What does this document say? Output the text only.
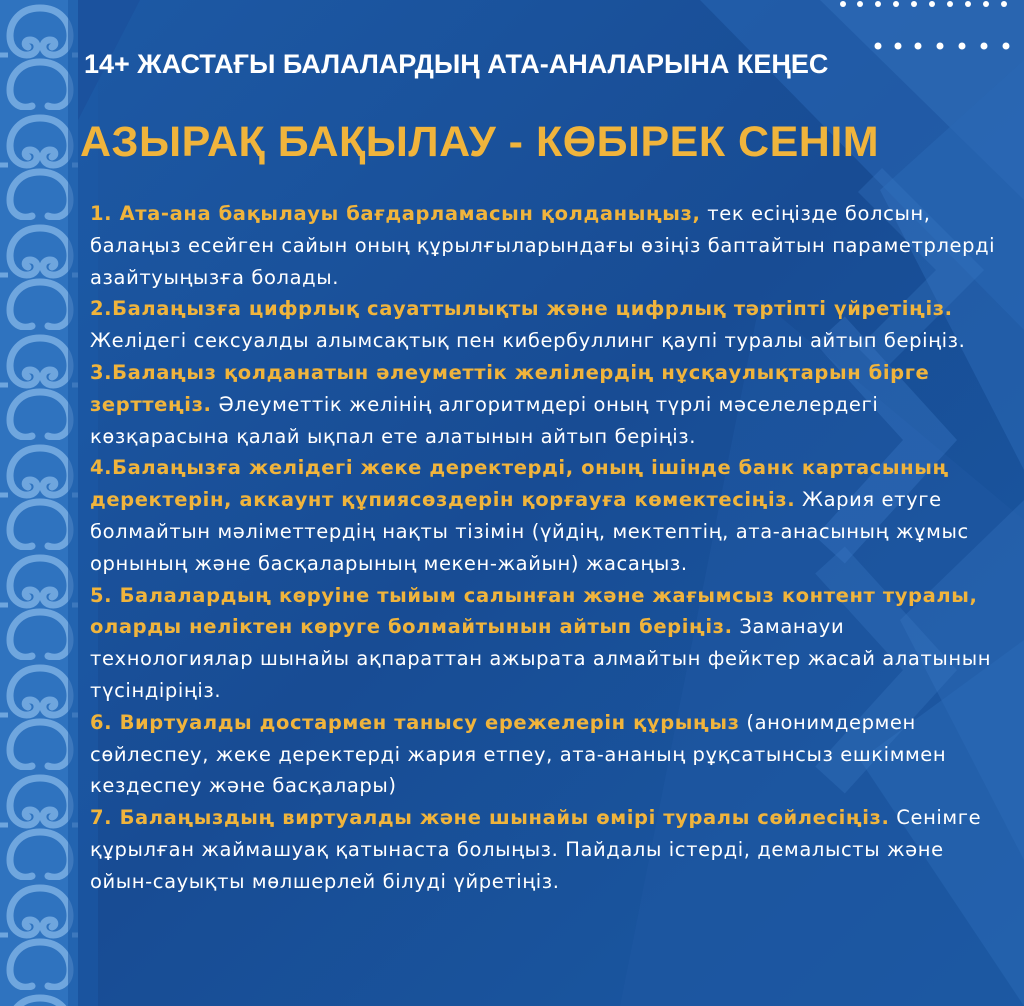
14+ ЖАСТАҒЫ БАЛАЛАРДЫҢ АТА-АНАЛАРЫНА КЕҢЕС
АЗЫРАҚ БАҚЫЛАУ - КӨБІРЕК СЕНІМ

1. Ата-ана бақылауы бағдарламасын қолданыңыз, тек есіңізде болсын, балаңыз есейген сайын оның құрылғыларындағы өзіңіз баптайтын параметрлерді азайтуыңызға болады.

2.Балаңызға цифрлық сауаттылықты және цифрлық тәртіпті үйретіңіз. Желідегі сексуалды алымсақтық пен кибербуллинг қаупі туралы айтып беріңіз.

3.Балаңыз қолданатын әлеуметтік желілердің нұсқаулықтарын бірге зерттеңіз. Әлеуметтік желінің алгоритмдері оның түрлі мәселелердегі көзқарасына қалай ықпал ете алатынын айтып беріңіз.

4.Балаңызға желідегі жеке деректерді, оның ішінде банк картасының деректерін, аккаунт құпиясөздерін қорғауға көмектесіңіз. Жария етуге болмайтын мәліметтердің нақты тізімін (үйдің, мектептің, ата-анасының жұмыс орнының және басқаларының мекен-жайын) жасаңыз.

5. Балалардың көруіне тыйым салынған және жағымсыз контент туралы, оларды неліктен көруге болмайтынын айтып беріңіз. Заманауи технологиялар шынайы ақпараттан ажырата алмайтын фейктер жасай алатынын түсіндіріңіз.

6. Виртуалды достармен танысу ережелерін құрыңыз (анонимдермен сөйлеспеу, жеке деректерді жария етпеу, ата-ананың рұқсатынсыз ешкіммен кездеспеу және басқалары)

7. Балаңыздың виртуалды және шынайы өмірі туралы сөйлесіңіз. Сенімге құрылған жаймашуақ қатынаста болыңыз. Пайдалы істерді, демалысты және ойын-сауықты мөлшерлей білуді үйретіңіз.
